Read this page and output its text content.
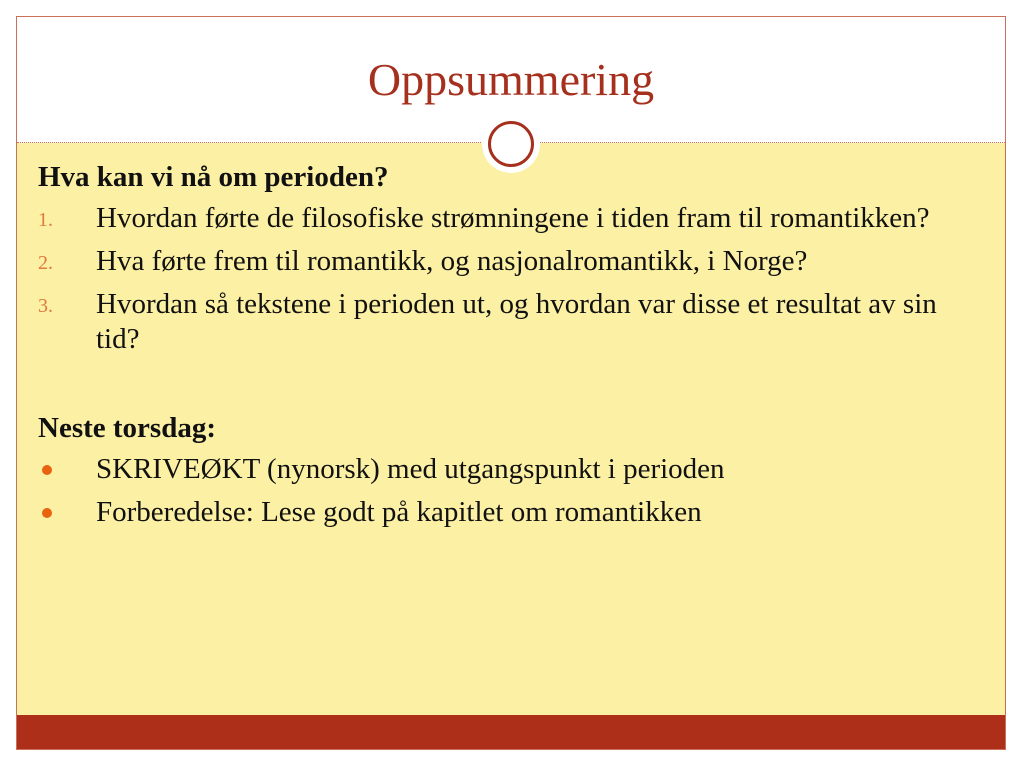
Oppsummering
Hva kan vi nå om perioden?
1. Hvordan førte de filosofiske strømningene i tiden fram til romantikken?
2. Hva førte frem til romantikk, og nasjonalromantikk, i Norge?
3. Hvordan så tekstene i perioden ut, og hvordan var disse et resultat av sin tid?
Neste torsdag:
SKRIVEØKT (nynorsk) med utgangspunkt i perioden
Forberedelse: Lese godt på kapitlet om romantikken
